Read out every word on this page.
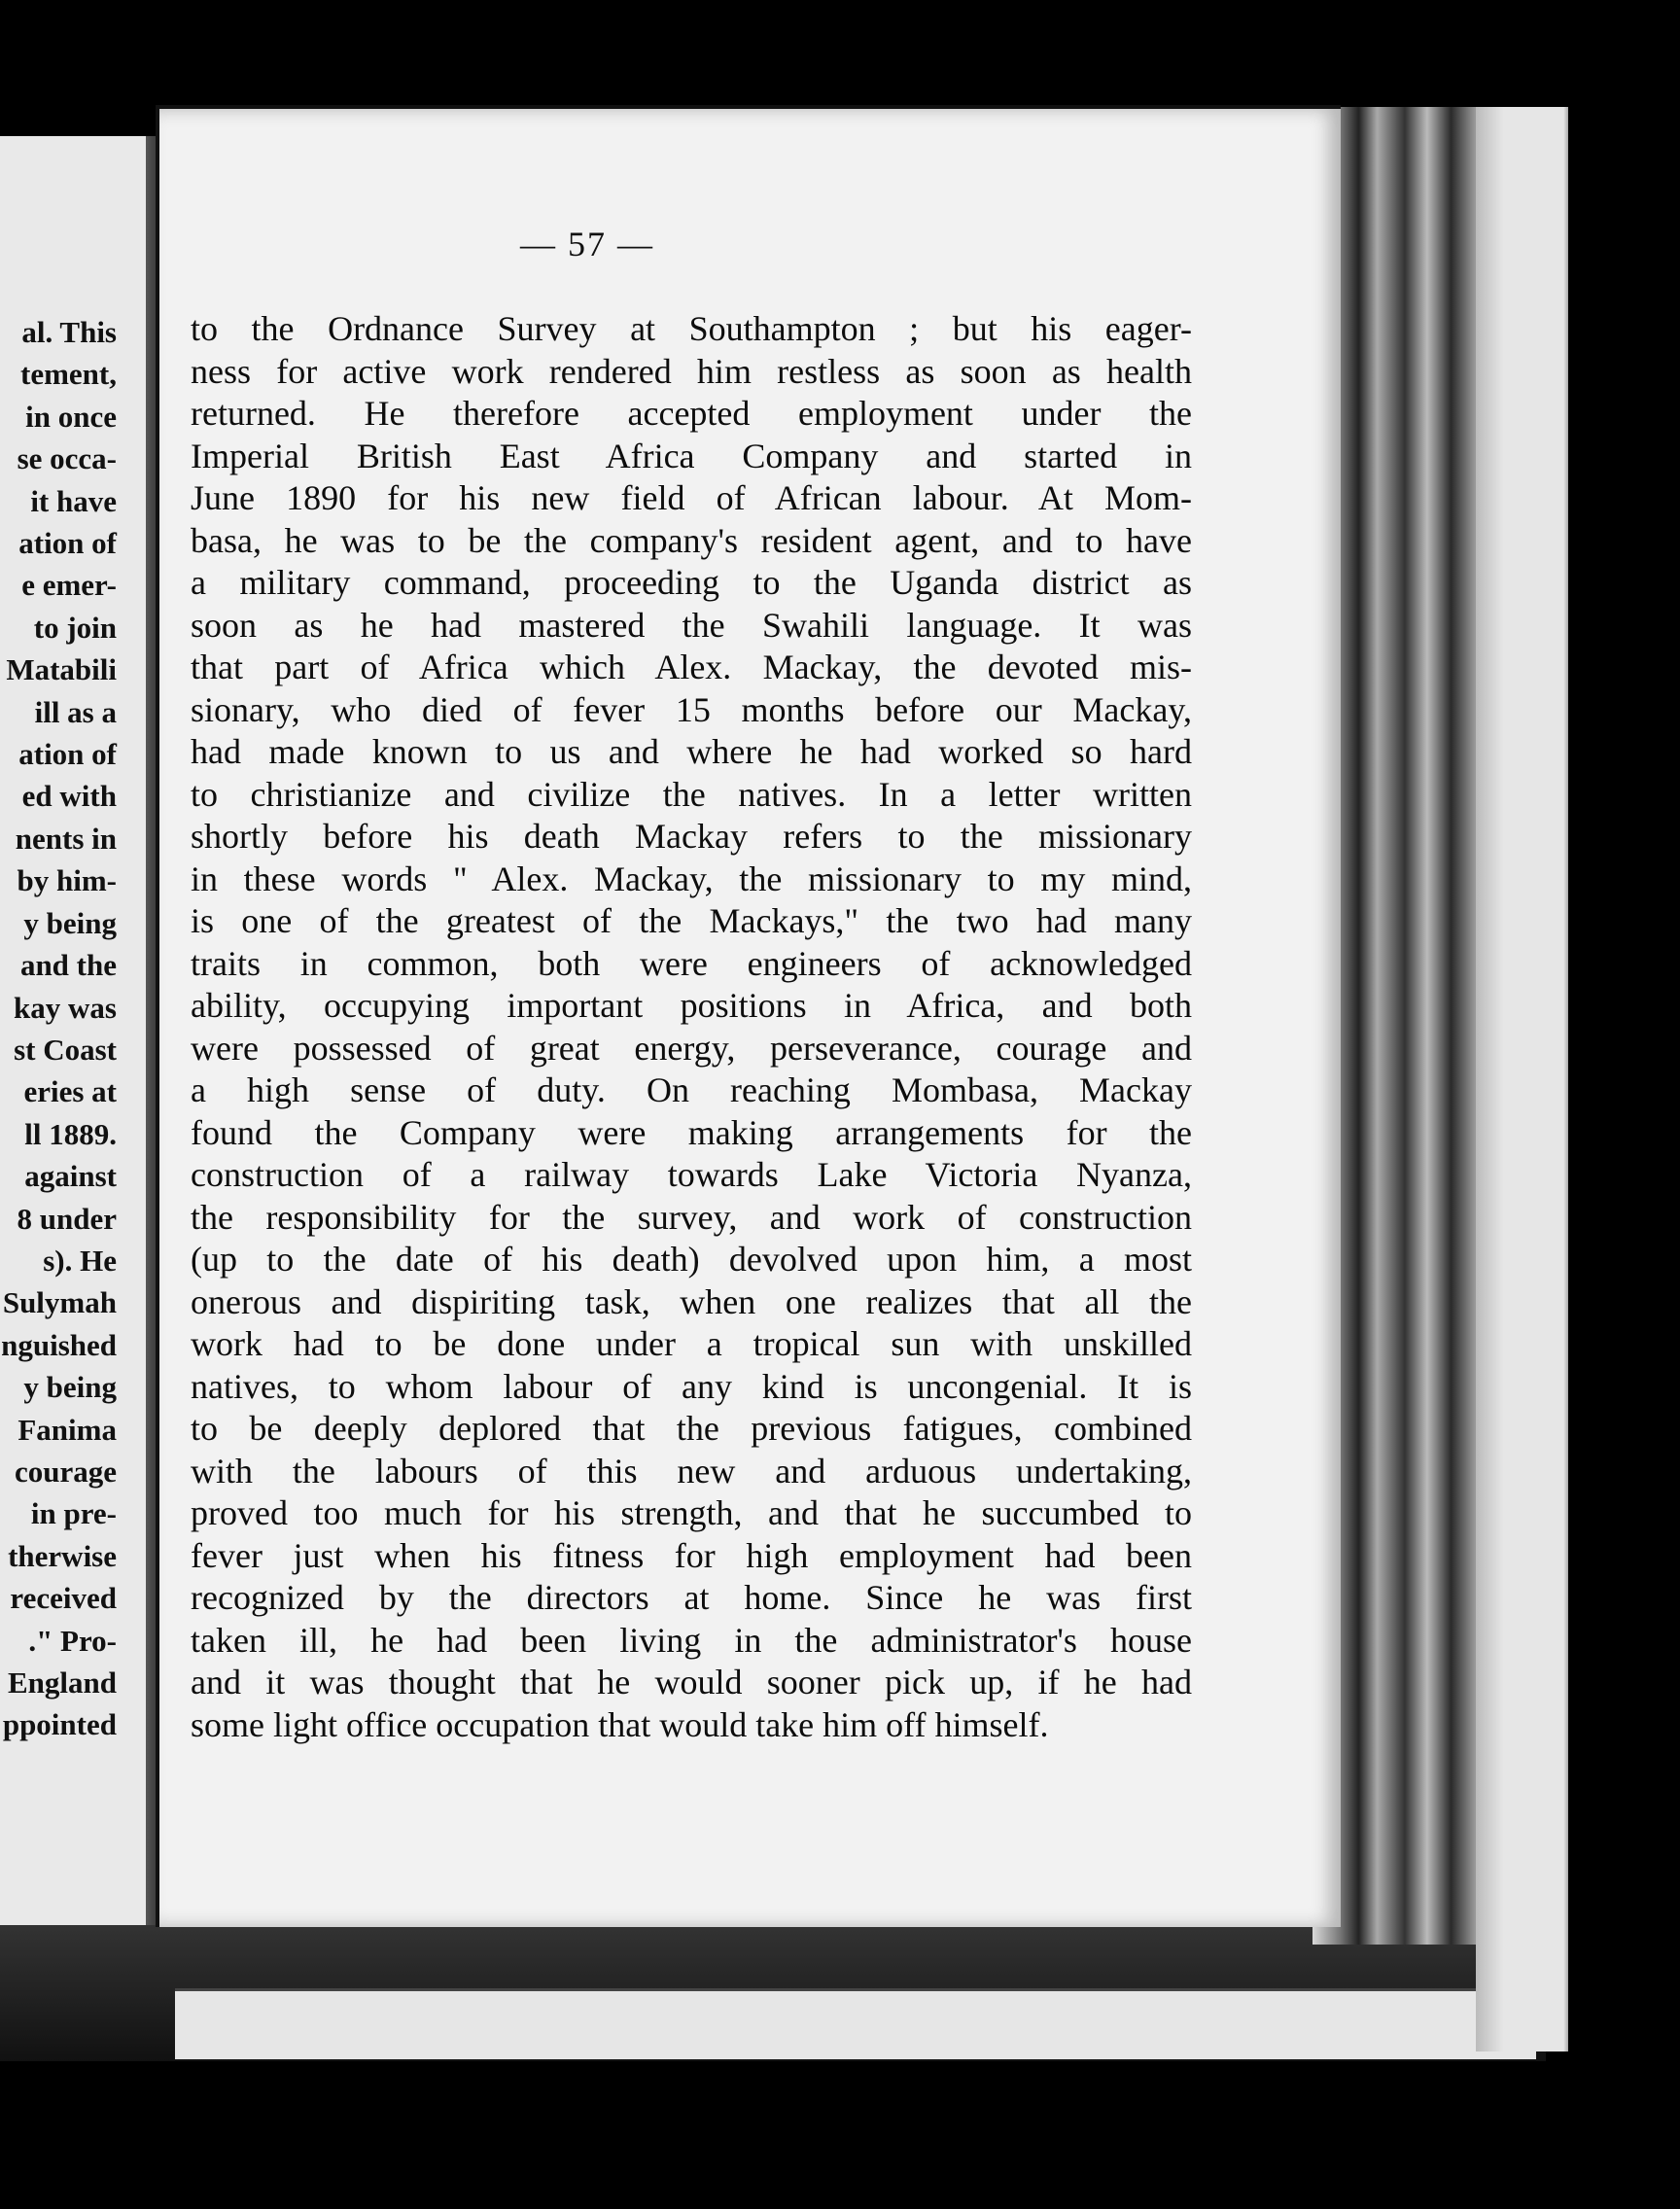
al. This
tement,
in once
se occa-
it have
ation of
e emer-
to join
Matabili
ill as a
ation of
ed with
nents in
by him-
y being
and the
kay was
st Coast
eries at
ll 1889.
against
8 under
s). He
Sulymah
nguished
y being
Fanima
courage
in pre-
therwise
received
." Pro-
England
ppointed
— 57 —
to the Ordnance Survey at Southampton ; but his eager-
ness for active work rendered him restless as soon as health
returned. He therefore accepted employment under the
Imperial British East Africa Company and started in
June 1890 for his new field of African labour. At Mom-
basa, he was to be the company's resident agent, and to have
a military command, proceeding to the Uganda district as
soon as he had mastered the Swahili language. It was
that part of Africa which Alex. Mackay, the devoted mis-
sionary, who died of fever 15 months before our Mackay,
had made known to us and where he had worked so hard
to christianize and civilize the natives. In a letter written
shortly before his death Mackay refers to the missionary
in these words " Alex. Mackay, the missionary to my mind,
is one of the greatest of the Mackays," the two had many
traits in common, both were engineers of acknowledged
ability, occupying important positions in Africa, and both
were possessed of great energy, perseverance, courage and
a high sense of duty. On reaching Mombasa, Mackay
found the Company were making arrangements for the
construction of a railway towards Lake Victoria Nyanza,
the responsibility for the survey, and work of construction
(up to the date of his death) devolved upon him, a most
onerous and dispiriting task, when one realizes that all the
work had to be done under a tropical sun with unskilled
natives, to whom labour of any kind is uncongenial. It is
to be deeply deplored that the previous fatigues, combined
with the labours of this new and arduous undertaking,
proved too much for his strength, and that he succumbed to
fever just when his fitness for high employment had been
recognized by the directors at home. Since he was first
taken ill, he had been living in the administrator's house
and it was thought that he would sooner pick up, if he had
some light office occupation that would take him off himself.
